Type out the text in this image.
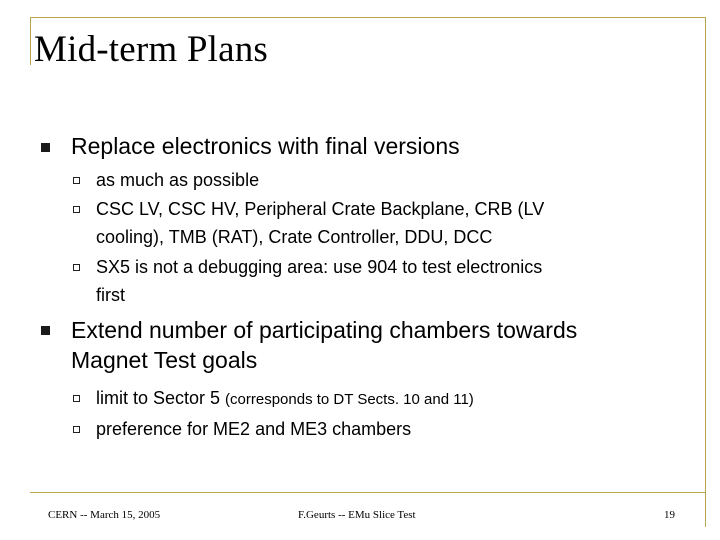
Mid-term Plans
Replace electronics with final versions
as much as possible
CSC LV, CSC HV, Peripheral Crate Backplane, CRB (LV
cooling), TMB (RAT), Crate Controller, DDU, DCC
SX5 is not a debugging area: use 904 to test electronics
first
Extend number of participating chambers towards
Magnet Test goals
limit to Sector 5 (corresponds to DT Sects. 10 and 11)
preference for ME2 and ME3 chambers
CERN -- March 15, 2005	F.Geurts -- EMu Slice Test	19
